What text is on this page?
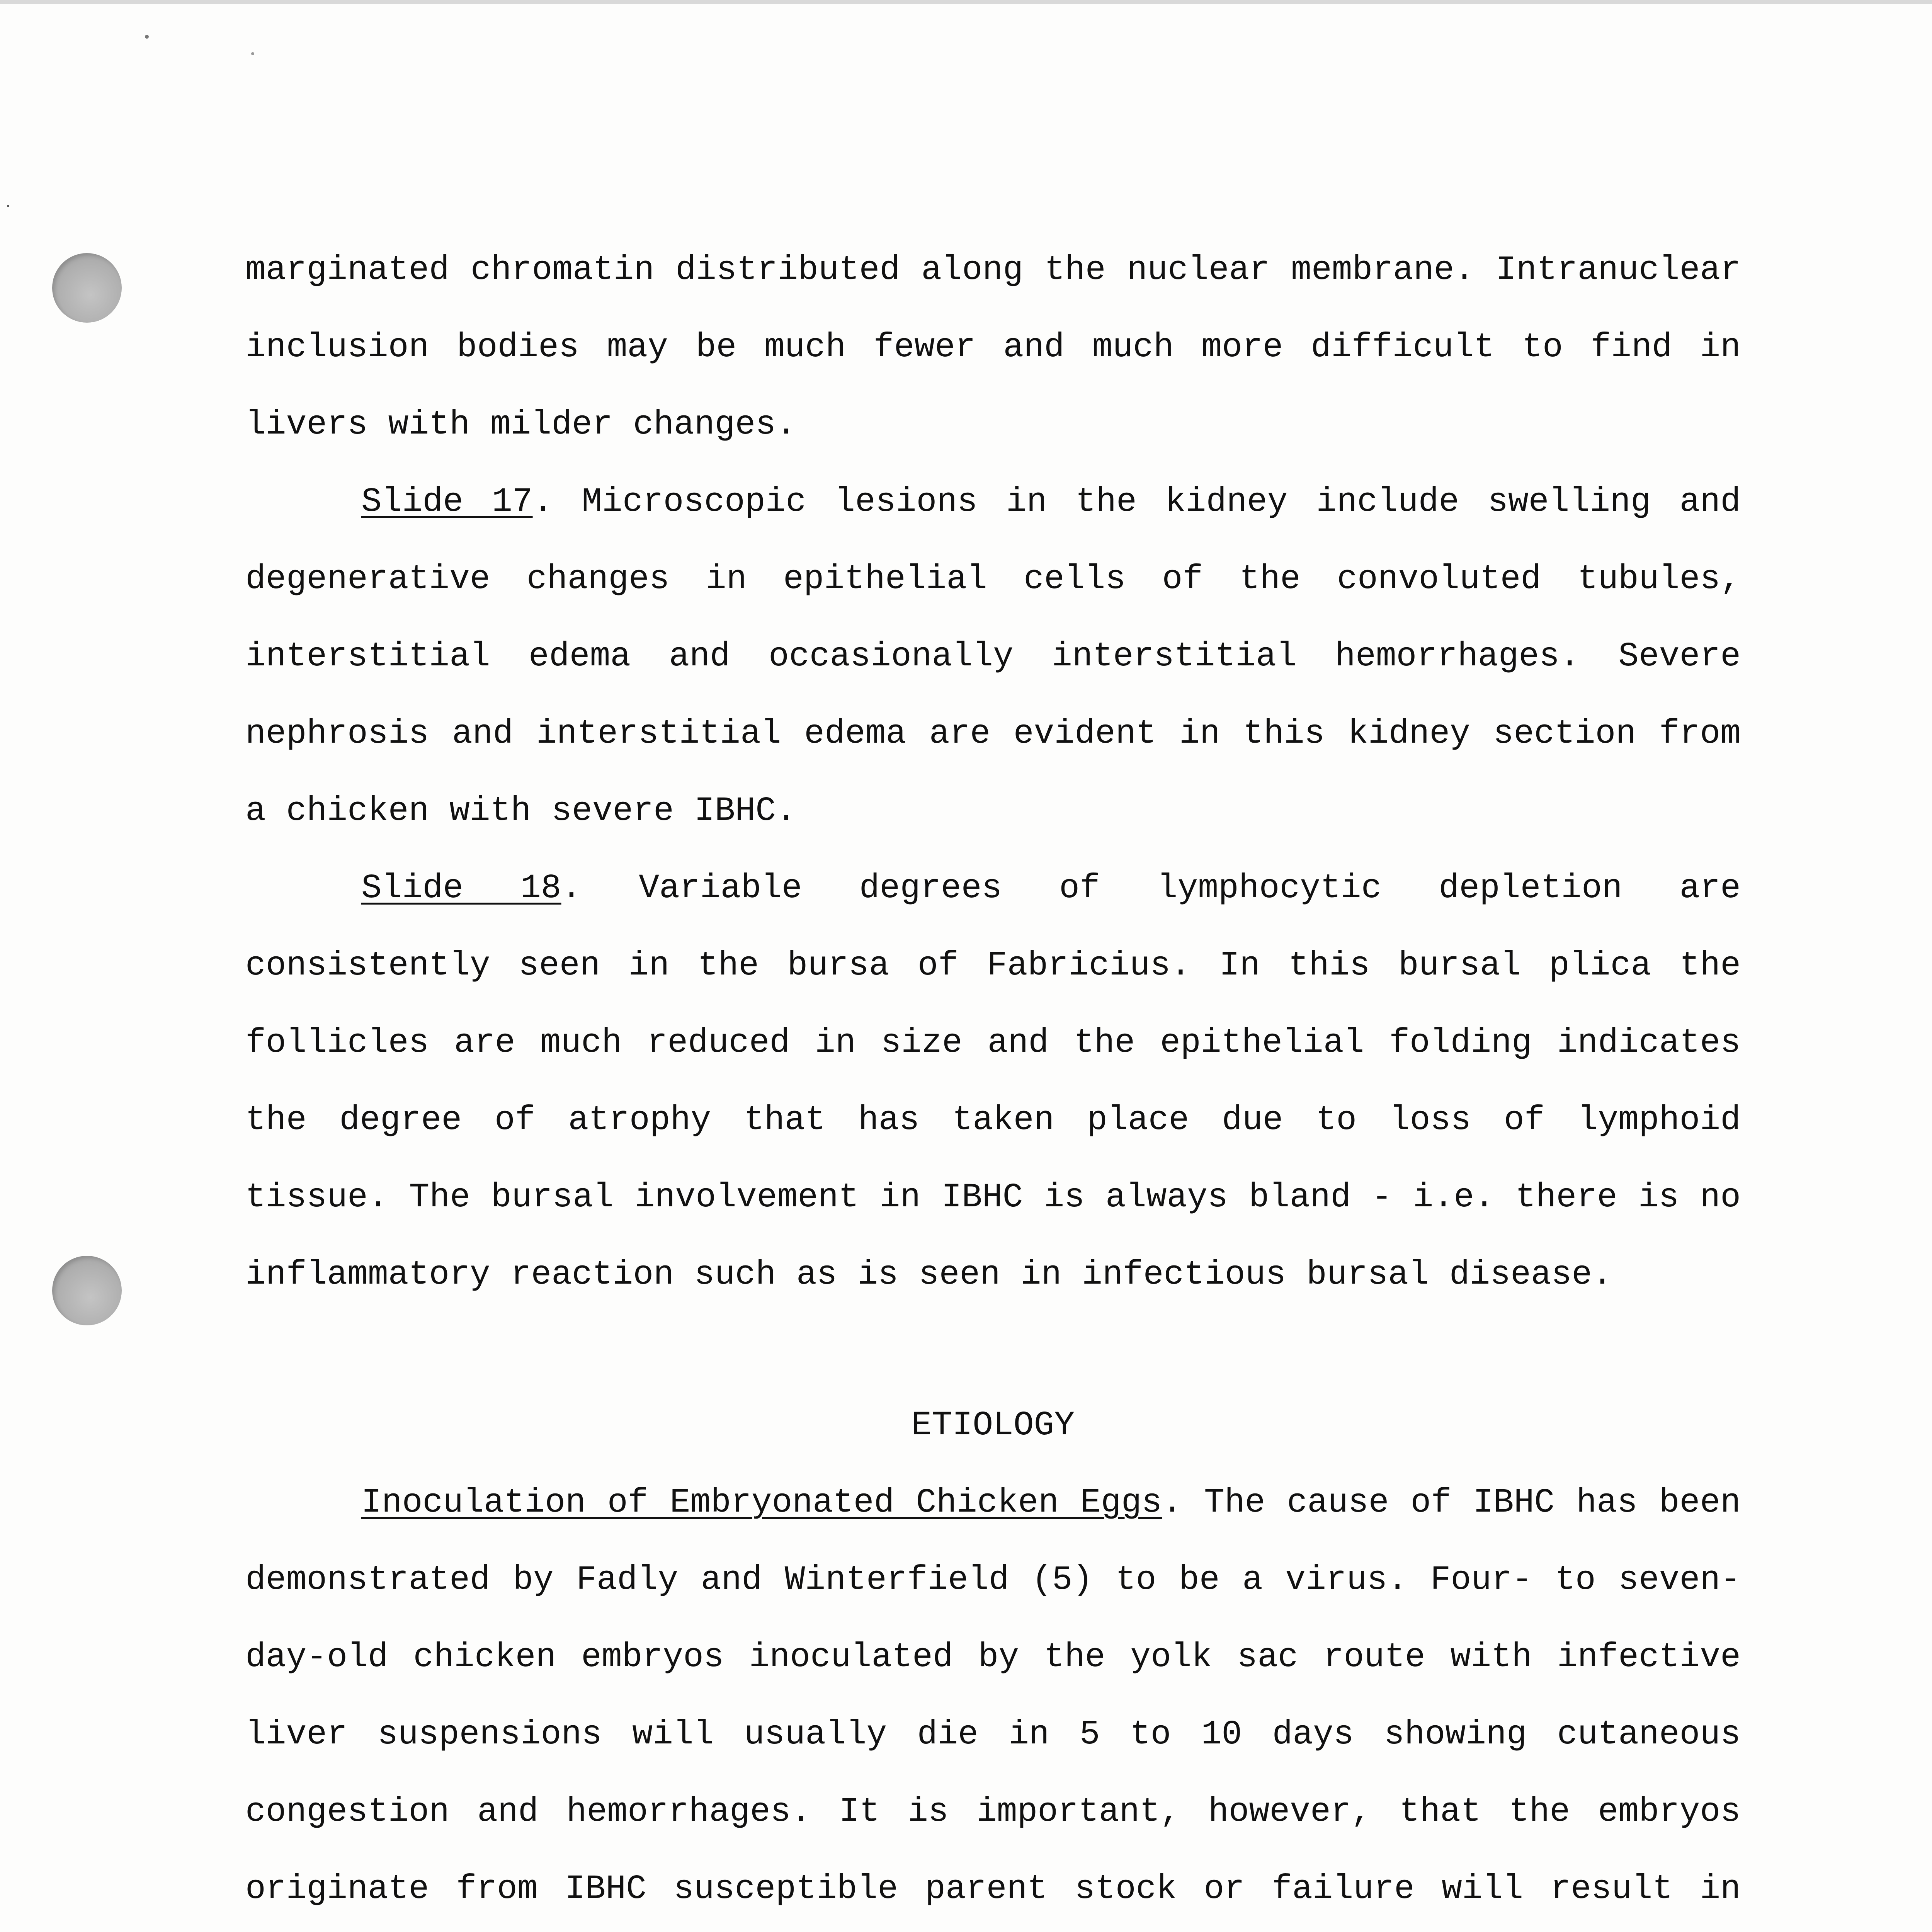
marginated chromatin distributed along the nuclear membrane. Intranuclear inclusion bodies may be much fewer and much more difficult to find in livers with milder changes.

Slide 17. Microscopic lesions in the kidney include swelling and degenerative changes in epithelial cells of the convoluted tubules, interstitial edema and occasionally interstitial hemorrhages. Severe nephrosis and interstitial edema are evident in this kidney section from a chicken with severe IBHC.

Slide 18. Variable degrees of lymphocytic depletion are consistently seen in the bursa of Fabricius. In this bursal plica the follicles are much reduced in size and the epithelial folding indicates the degree of atrophy that has taken place due to loss of lymphoid tissue. The bursal involvement in IBHC is always bland - i.e. there is no inflammatory reaction such as is seen in infectious bursal disease.

ETIOLOGY

Inoculation of Embryonated Chicken Eggs. The cause of IBHC has been demonstrated by Fadly and Winterfield (5) to be a virus. Four- to seven-day-old chicken embryos inoculated by the yolk sac route with infective liver suspensions will usually die in 5 to 10 days showing cutaneous congestion and hemorrhages. It is important, however, that the embryos originate from IBHC susceptible parent stock or failure will result in
